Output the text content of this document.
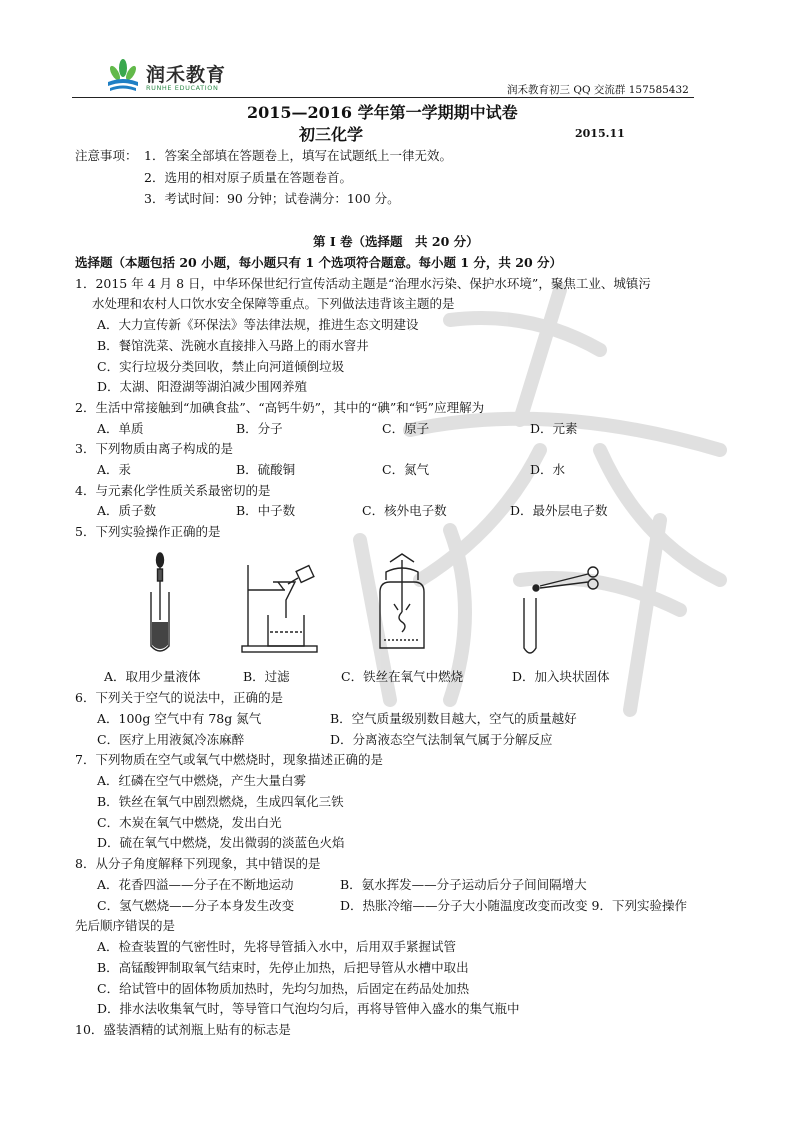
润禾教育
RUNHE EDUCATION	润禾教育初三 QQ 交流群 157585432
2015—2016 学年第一学期期中试卷
初三化学	2015.11
注意事项： 1．答案全部填在答题卷上，填写在试题纸上一律无效。
2．选用的相对原子质量在答题卷首。
3．考试时间：90 分钟；试卷满分：100 分。
第 I 卷（选择题　共 20 分）
选择题（本题包括 20 小题，每小题只有 1 个选项符合题意。每小题 1 分，共 20 分）
1．2015 年 4 月 8 日，中华环保世纪行宣传活动主题是“治理水污染、保护水环境”，聚焦工业、城镇污
水处理和农村人口饮水安全保障等重点。下列做法违背该主题的是
A．大力宣传新《环保法》等法律法规，推进生态文明建设
B．餐馆洗菜、洗碗水直接排入马路上的雨水窨井
C．实行垃圾分类回收，禁止向河道倾倒垃圾
D．太湖、阳澄湖等湖泊减少围网养殖
2．生活中常接触到“加碘食盐”、“高钙牛奶”，其中的“碘”和“钙”应理解为
A．单质	B．分子	C．原子	D．元素
3．下列物质由离子构成的是
A．汞	B．硫酸铜	C．氮气	D．水
4．与元素化学性质关系最密切的是
A．质子数	B．中子数	C．核外电子数	D．最外层电子数
5．下列实验操作正确的是
A．取用少量液体	B．过滤	C．铁丝在氧气中燃烧	D．加入块状固体
6．下列关于空气的说法中，正确的是
A．100g 空气中有 78g 氮气	B．空气质量级别数目越大，空气的质量越好
C．医疗上用液氮冷冻麻醉	D．分离液态空气法制氧气属于分解反应
7．下列物质在空气或氧气中燃烧时，现象描述正确的是
A．红磷在空气中燃烧，产生大量白雾
B．铁丝在氧气中剧烈燃烧，生成四氧化三铁
C．木炭在氧气中燃烧，发出白光
D．硫在氧气中燃烧，发出微弱的淡蓝色火焰
8．从分子角度解释下列现象，其中错误的是
A．花香四溢——分子在不断地运动	B．氨水挥发——分子运动后分子间间隔增大
C．氢气燃烧——分子本身发生改变	D．热胀冷缩——分子大小随温度改变而改变 9．下列实验操作
先后顺序错误的是
A．检查装置的气密性时，先将导管插入水中，后用双手紧握试管
B．高锰酸钾制取氧气结束时，先停止加热，后把导管从水槽中取出
C．给试管中的固体物质加热时，先均匀加热，后固定在药品处加热
D．排水法收集氧气时，等导管口气泡均匀后，再将导管伸入盛水的集气瓶中
10．盛装酒精的试剂瓶上贴有的标志是
